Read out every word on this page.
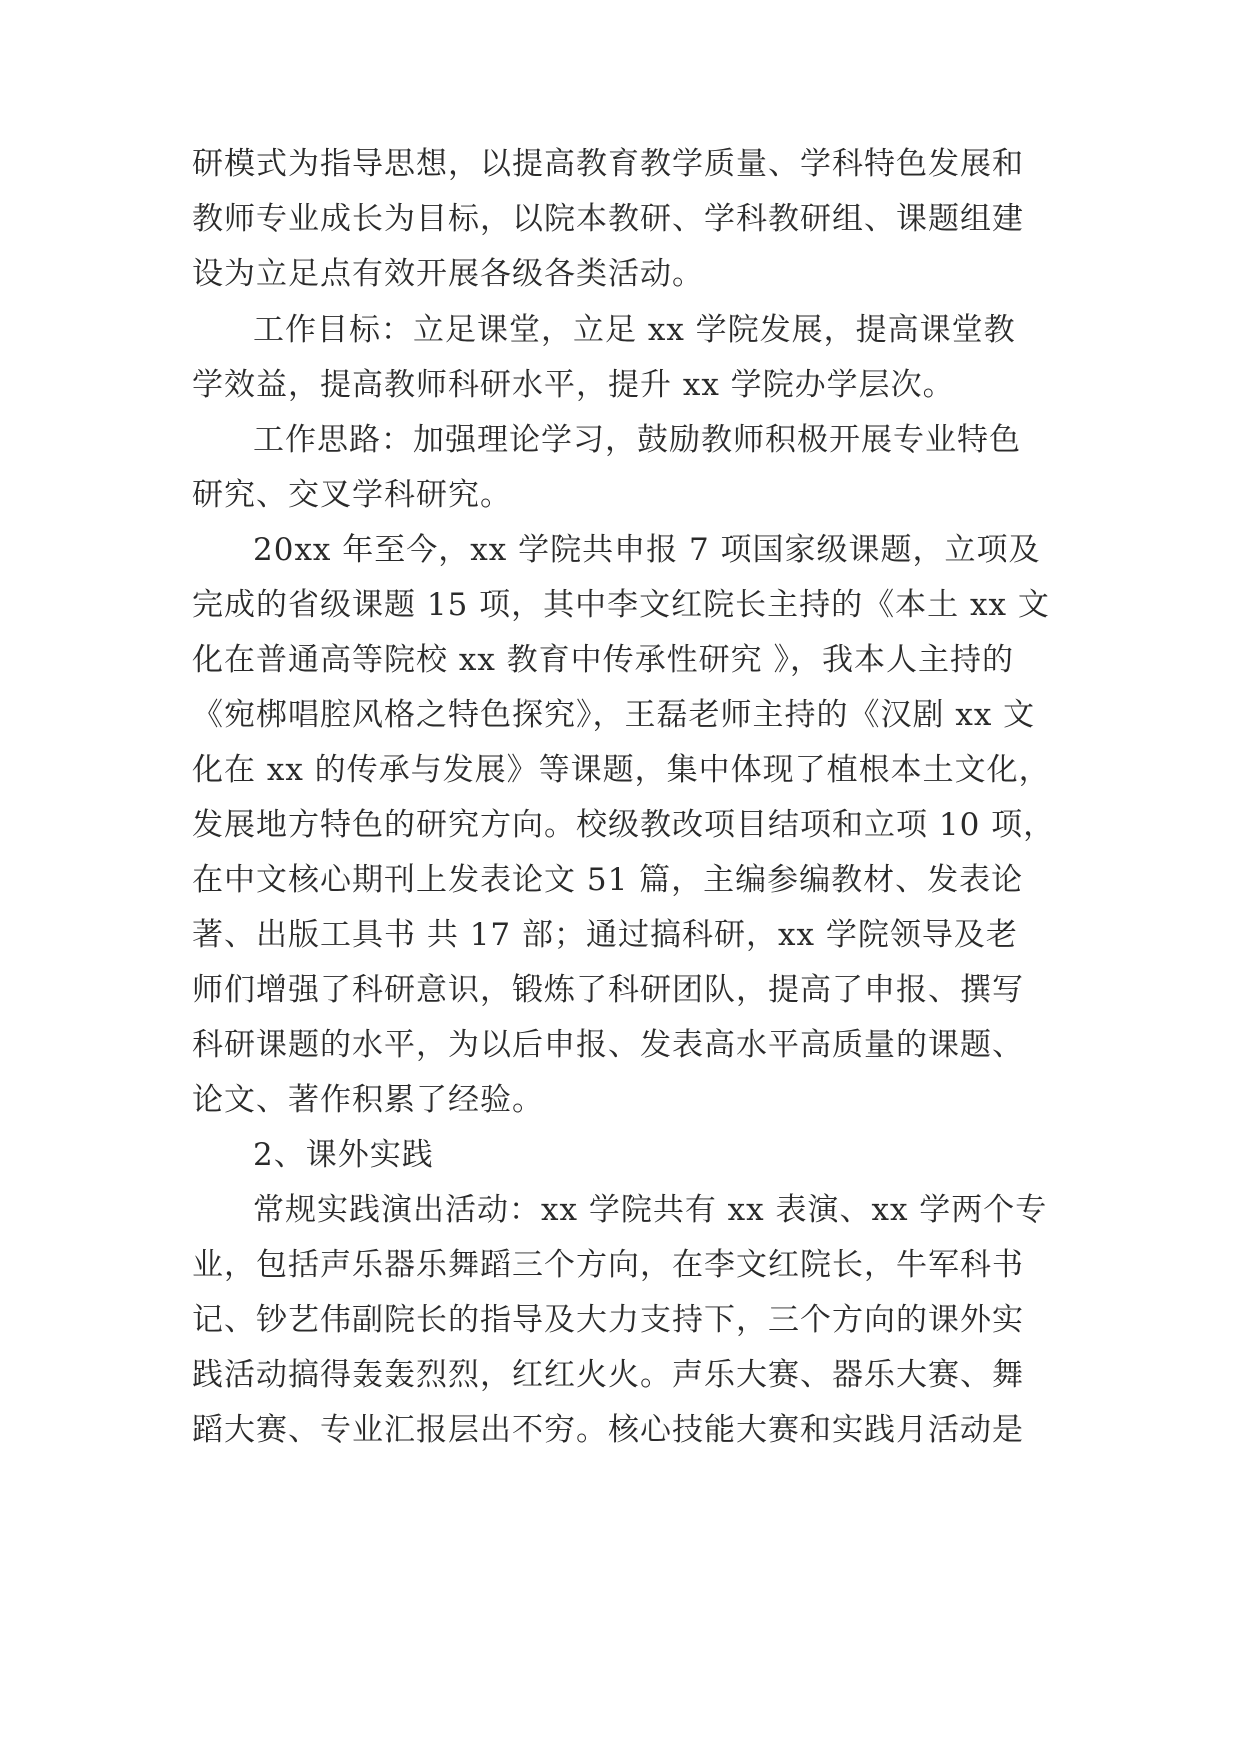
研模式为指导思想，以提高教育教学质量、学科特色发展和
教师专业成长为目标，以院本教研、学科教研组、课题组建
设为立足点有效开展各级各类活动。
工作目标：立足课堂，立足 xx 学院发展，提高课堂教
学效益，提高教师科研水平，提升 xx 学院办学层次。
工作思路：加强理论学习，鼓励教师积极开展专业特色
研究、交叉学科研究。
20xx 年至今，xx 学院共申报 7 项国家级课题，立项及
完成的省级课题 15 项，其中李文红院长主持的《本土 xx 文
化在普通高等院校 xx 教育中传承性研究 》，我本人主持的
《宛梆唱腔风格之特色探究》，王磊老师主持的《汉剧 xx 文
化在 xx 的传承与发展》等课题，集中体现了植根本土文化，
发展地方特色的研究方向。校级教改项目结项和立项 10 项，
在中文核心期刊上发表论文 51 篇，主编参编教材、发表论
著、出版工具书 共 17 部；通过搞科研，xx 学院领导及老
师们增强了科研意识，锻炼了科研团队，提高了申报、撰写
科研课题的水平，为以后申报、发表高水平高质量的课题、
论文、著作积累了经验。
2、课外实践
常规实践演出活动：xx 学院共有 xx 表演、xx 学两个专
业，包括声乐器乐舞蹈三个方向，在李文红院长，牛军科书
记、钞艺伟副院长的指导及大力支持下，三个方向的课外实
践活动搞得轰轰烈烈，红红火火。声乐大赛、器乐大赛、舞
蹈大赛、专业汇报层出不穷。核心技能大赛和实践月活动是
